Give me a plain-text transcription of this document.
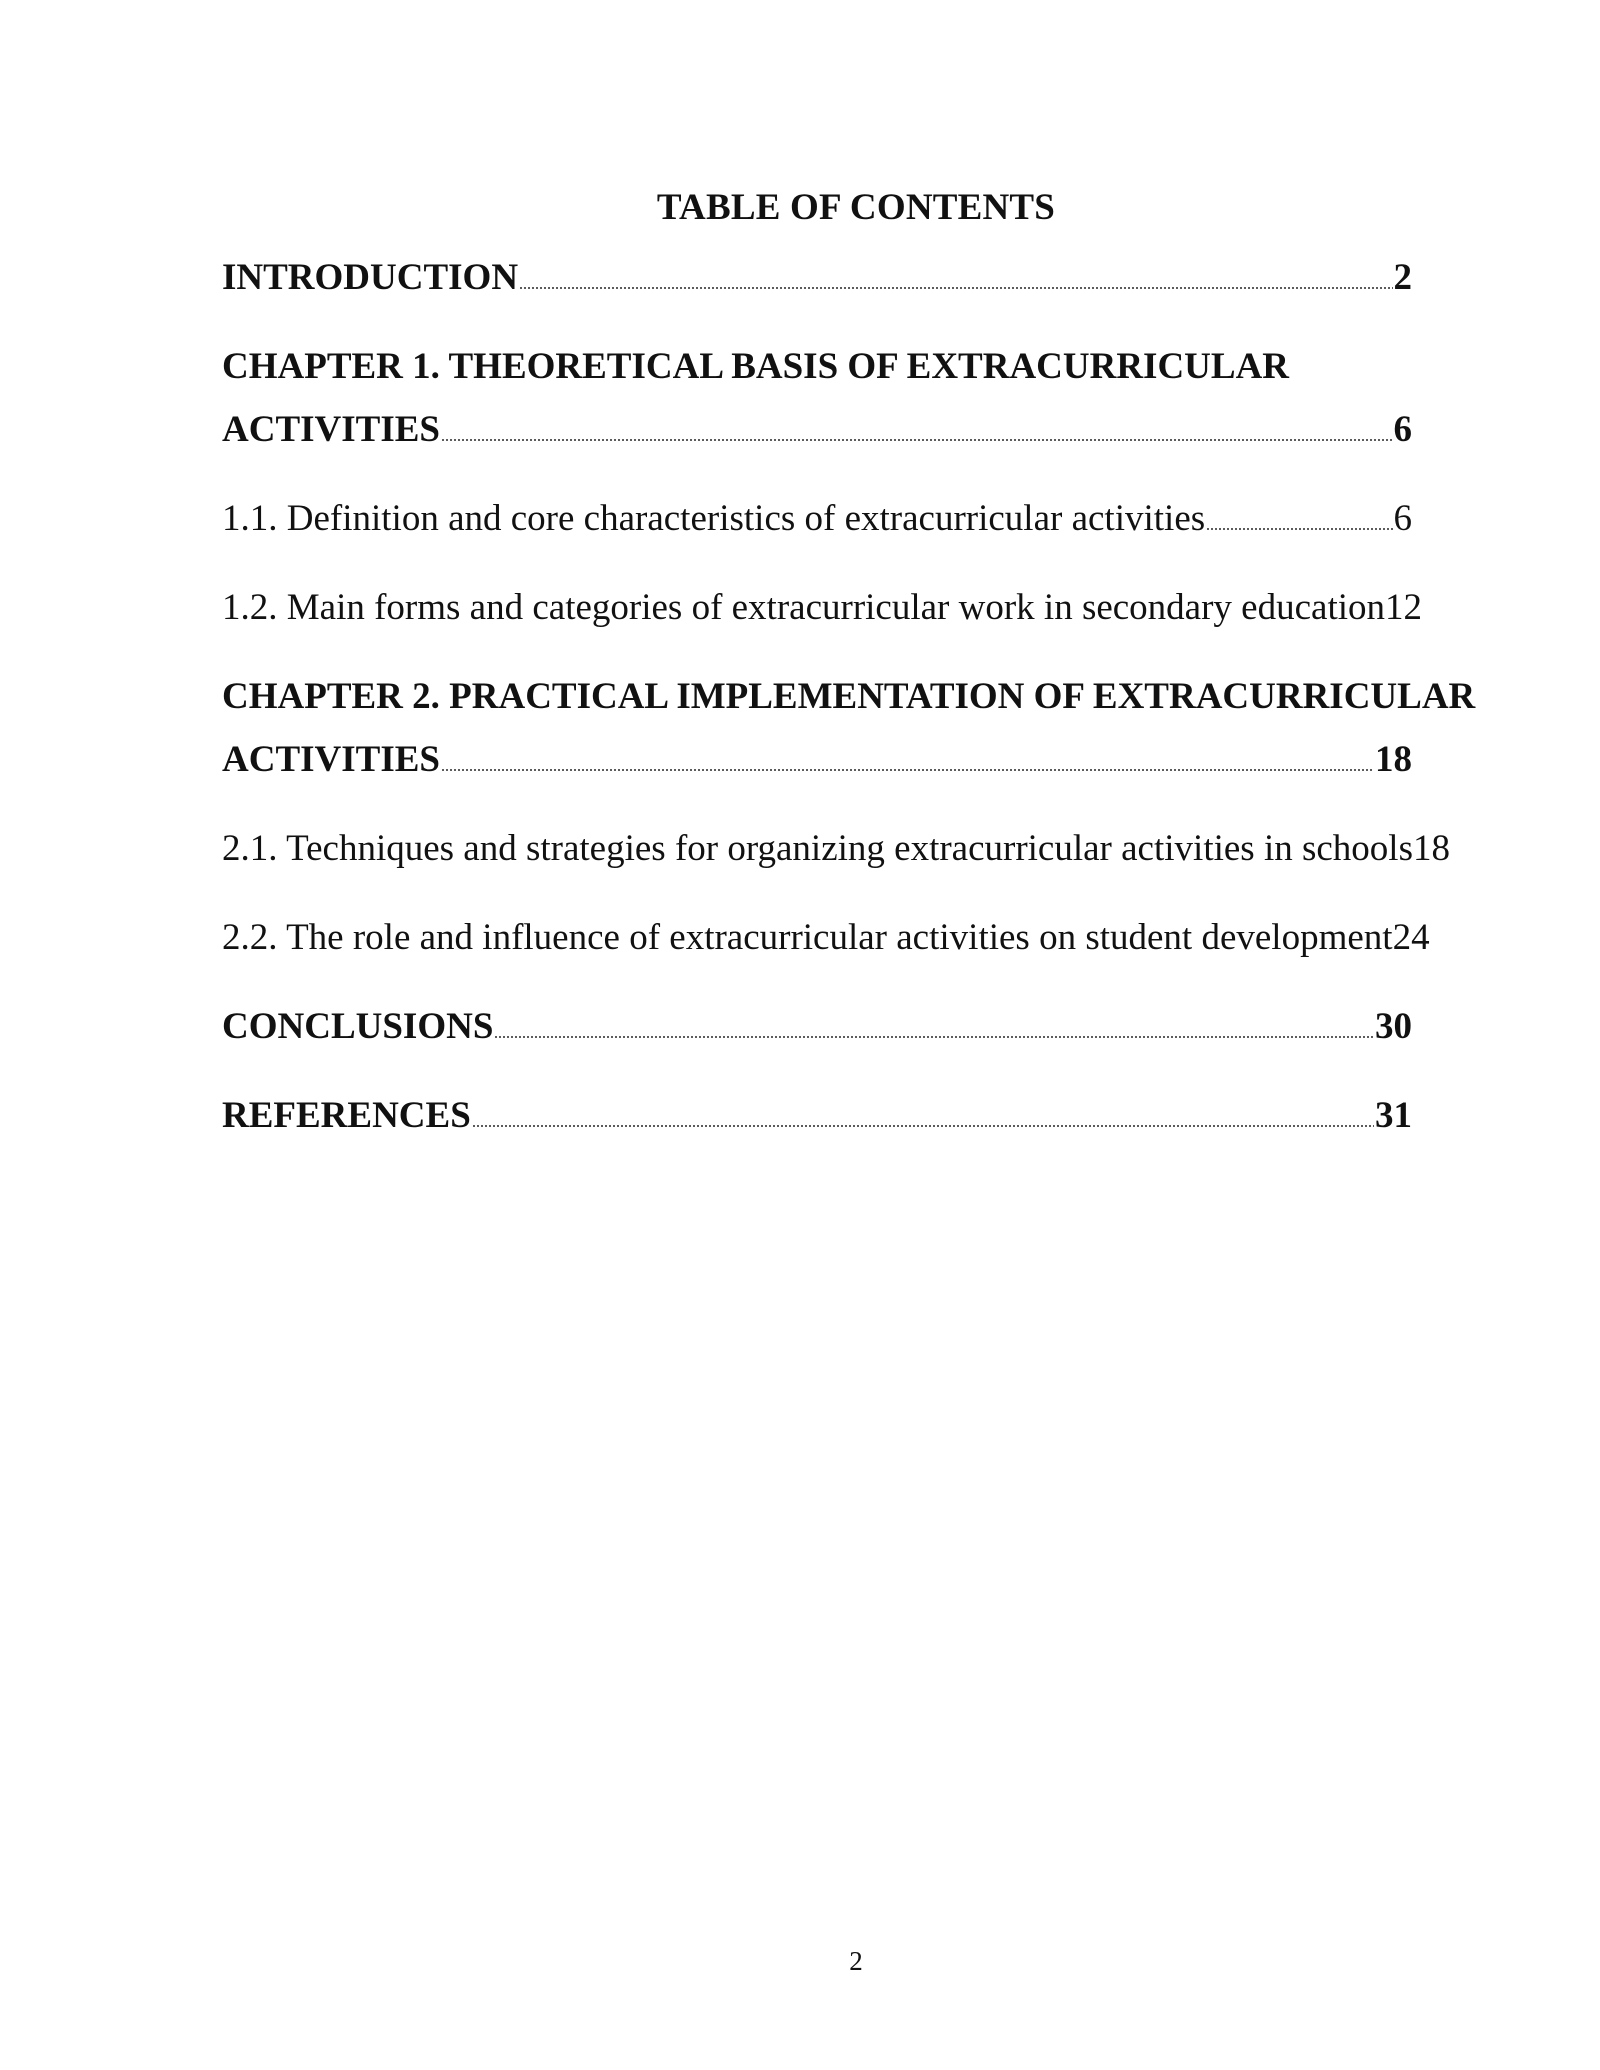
TABLE OF CONTENTS
INTRODUCTION	2
CHAPTER 1. THEORETICAL BASIS OF EXTRACURRICULAR
ACTIVITIES	6
1.1. Definition and core characteristics of extracurricular activities	6
1.2. Main forms and categories of extracurricular work in secondary education 12
CHAPTER 2. PRACTICAL IMPLEMENTATION OF EXTRACURRICULAR
ACTIVITIES	18
2.1. Techniques and strategies for organizing extracurricular activities in schools 18
2.2. The role and influence of extracurricular activities on student development 24
CONCLUSIONS	30
REFERENCES	31
2
